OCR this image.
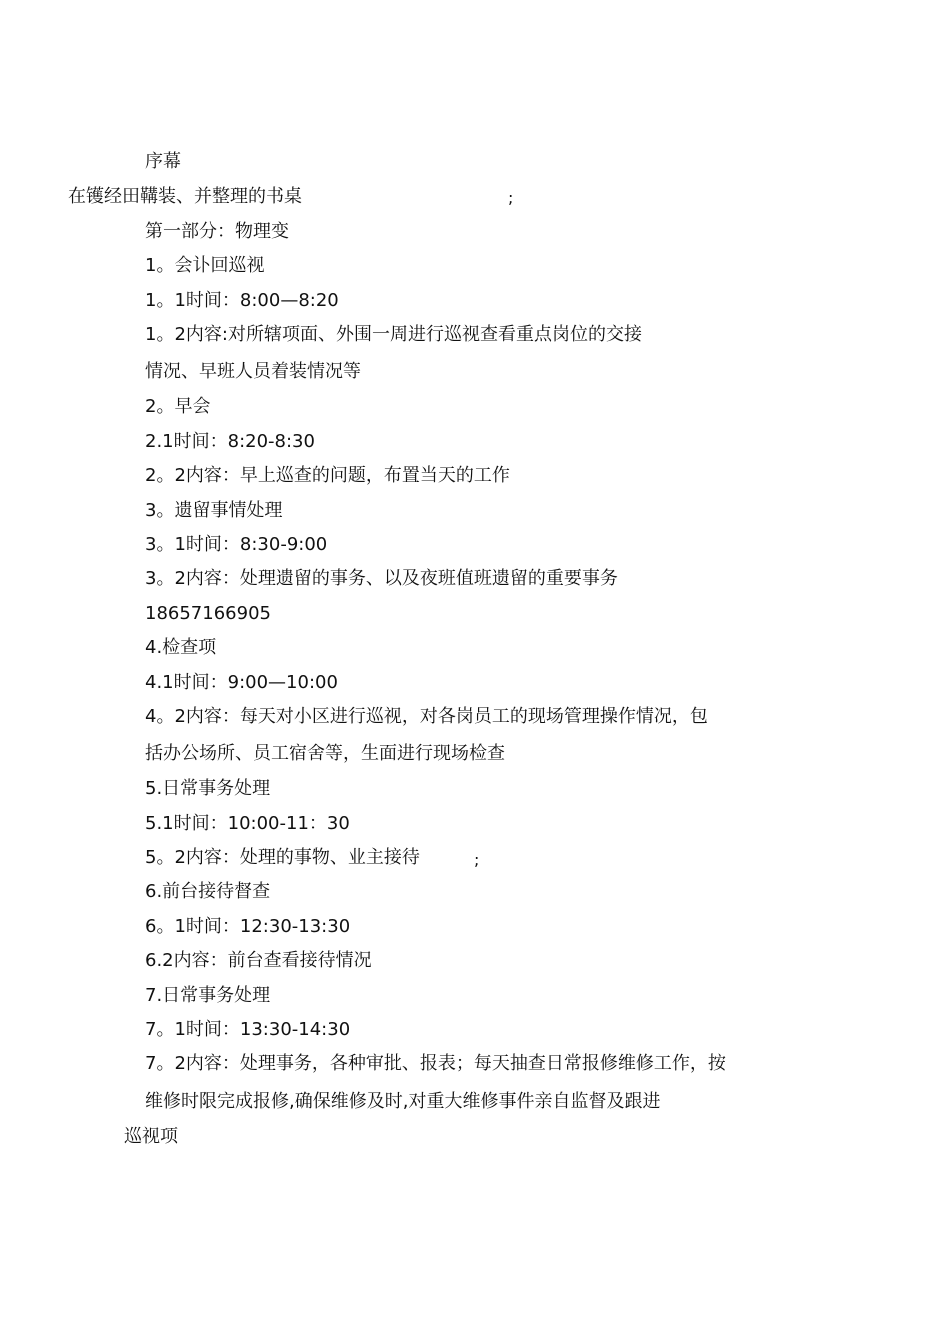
序幕
在镬经田鞲装、并整理的书桌	;
第一部分：物理变
1。会讣回巡视
1。1时间：8:00—8:20
1。2内容:对所辖项面、外围一周进行巡视查看重点岗位的交接
情况、早班人员着装情况等
2。早会
2.1时间：8:20-8:30
2。2内容：早上巡查的问题，布置当天的工作
3。遗留事情处理
3。1时间：8:30-9:00
3。2内容：处理遗留的事务、以及夜班值班遗留的重要事务
18657166905
4.检查项
4.1时间：9:00—10:00
4。2内容：每天对小区进行巡视，对各岗员工的现场管理操作情况，包
括办公场所、员工宿舍等，生面进行现场检查
5.日常事务处理
5.1时间：10:00-11：30
5。2内容：处理的事物、业主接待	;
6.前台接待督查
6。1时间：12:30-13:30
6.2内容：前台查看接待情况
7.日常事务处理
7。1时间：13:30-14:30
7。2内容：处理事务，各种审批、报表；每天抽查日常报修维修工作，按
维修时限完成报修,确保维修及时,对重大维修事件亲自监督及跟进
巡视项
